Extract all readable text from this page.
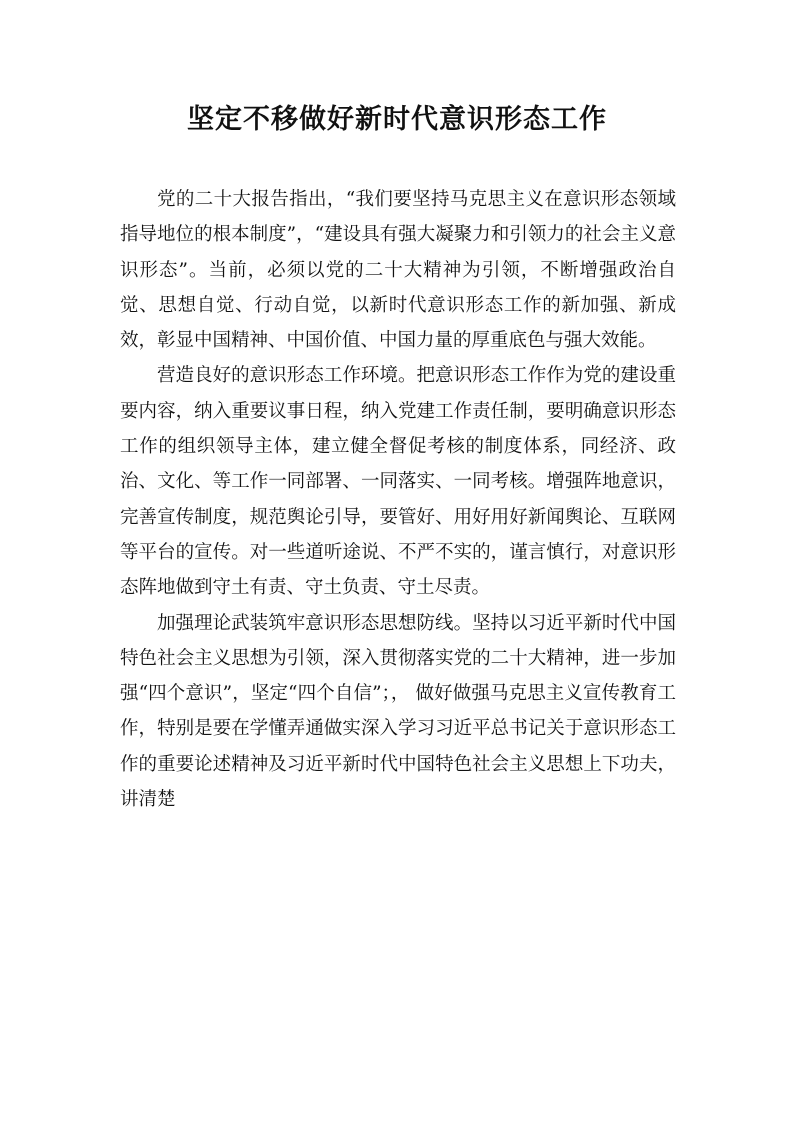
坚定不移做好新时代意识形态工作

党的二十大报告指出，“我们要坚持马克思主义在意识形态领域指导地位的根本制度”，“建设具有强大凝聚力和引领力的社会主义意识形态”。当前，必须以党的二十大精神为引领，不断增强政治自觉、思想自觉、行动自觉，以新时代意识形态工作的新加强、新成效，彰显中国精神、中国价值、中国力量的厚重底色与强大效能。

营造良好的意识形态工作环境。把意识形态工作作为党的建设重要内容，纳入重要议事日程，纳入党建工作责任制，要明确意识形态工作的组织领导主体，建立健全督促考核的制度体系，同经济、政治、文化、等工作一同部署、一同落实、一同考核。增强阵地意识，完善宣传制度，规范舆论引导，要管好、用好用好新闻舆论、互联网等平台的宣传。对一些道听途说、不严不实的，谨言慎行，对意识形态阵地做到守土有责、守土负责、守土尽责。

加强理论武装筑牢意识形态思想防线。坚持以习近平新时代中国特色社会主义思想为引领，深入贯彻落实党的二十大精神，进一步加强“四个意识”，坚定“四个自信”；， 做好做强马克思主义宣传教育工作，特别是要在学懂弄通做实深入学习习近平总书记关于意识形态工作的重要论述精神及习近平新时代中国特色社会主义思想上下功夫，讲清楚
